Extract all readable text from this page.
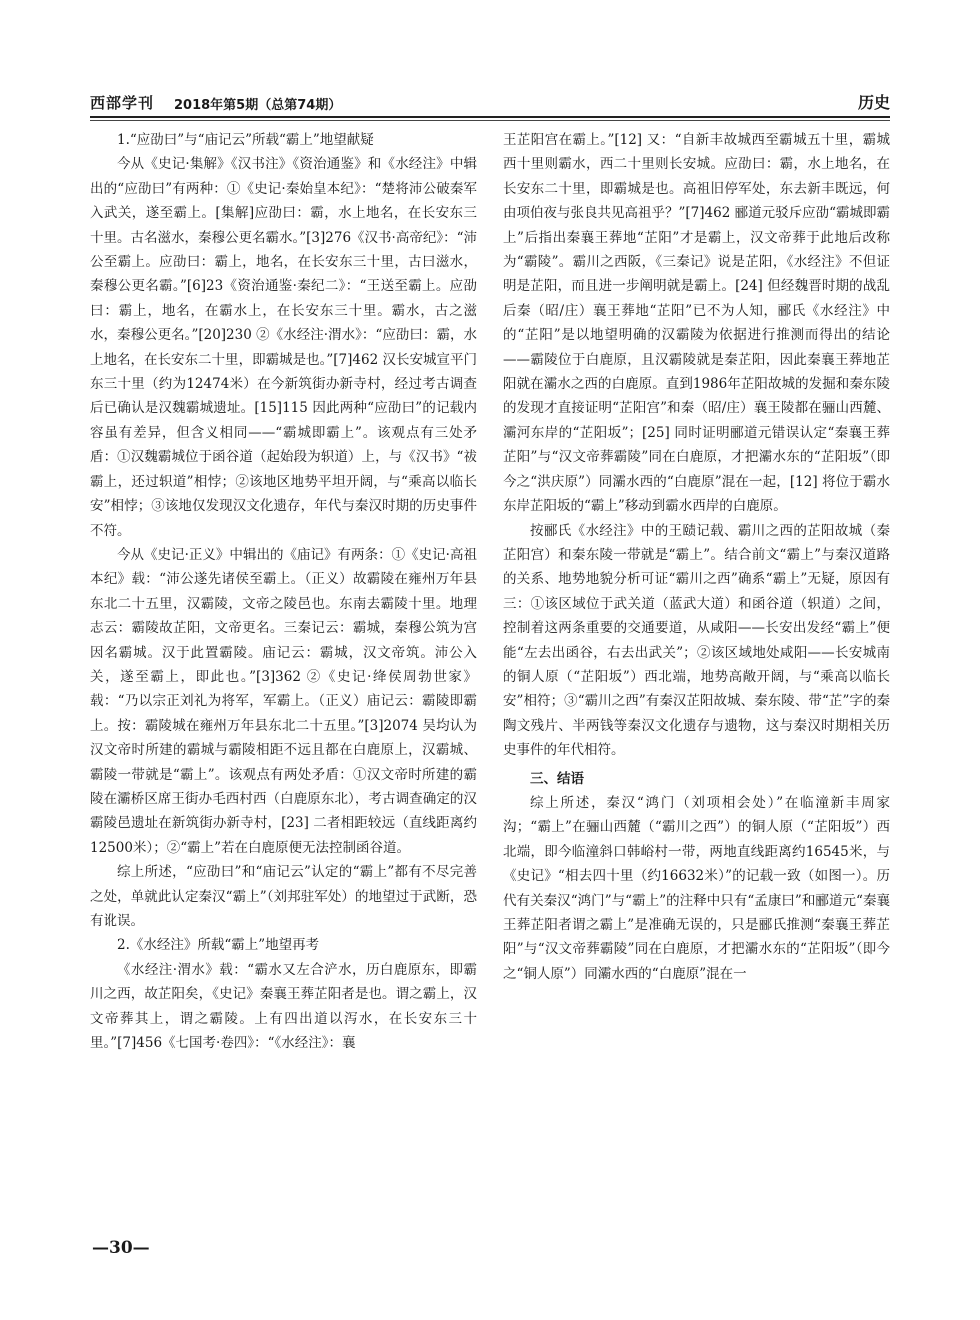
西部学刊 2018年第5期（总第74期）	历史
1.“应劭曰”与“庙记云”所载“霸上”地望献疑

今从《史记·集解》《汉书注》《资治通鉴》和《水经注》中辑出的“应劭曰”有两种：①《史记·秦始皇本纪》：“楚将沛公破秦军入武关，遂至霸上。[集解]应劭曰：霸，水上地名，在长安东三十里。古名滋水，秦穆公更名霸水。”[3]276《汉书·高帝纪》：“沛公至霸上。应劭曰：霸上，地名，在长安东三十里，古曰滋水，秦穆公更名霸。”[6]23《资治通鉴·秦纪二》：“王送至霸上。应劭曰：霸上，地名，在霸水上，在长安东三十里。霸水，古之滋水，秦穆公更名。”[20]230 ②《水经注·渭水》：“应劭曰：霸，水上地名，在长安东二十里，即霸城是也。”[7]462 汉长安城宣平门东三十里（约为12474米）在今新筑街办新寺村，经过考古调查后已确认是汉魏霸城遗址。[15]115 因此两种“应劭曰”的记载内容虽有差异，但含义相同——“霸城即霸上”。该观点有三处矛盾：①汉魏霸城位于函谷道（起始段为轵道）上，与《汉书》“祓霸上，还过轵道”相悖；②该地区地势平坦开阔，与“乘高以临长安”相悖；③该地仅发现汉文化遗存，年代与秦汉时期的历史事件不符。

今从《史记·正义》中辑出的《庙记》有两条：①《史记·高祖本纪》载：“沛公遂先诸侯至霸上。（正义）故霸陵在雍州万年县东北二十五里，汉霸陵，文帝之陵邑也。东南去霸陵十里。地理志云：霸陵故芷阳，文帝更名。三秦记云：霸城，秦穆公筑为宫因名霸城。汉于此置霸陵。庙记云：霸城，汉文帝筑。沛公入关，遂至霸上，即此也。”[3]362 ②《史记·绛侯周勃世家》载：“乃以宗正刘礼为将军，军霸上。（正义）庙记云：霸陵即霸上。按：霸陵城在雍州万年县东北二十五里。”[3]2074 吴均认为汉文帝时所建的霸城与霸陵相距不远且都在白鹿原上，汉霸城、霸陵一带就是“霸上”。该观点有两处矛盾：①汉文帝时所建的霸陵在灞桥区席王街办毛西村西（白鹿原东北），考古调查确定的汉霸陵邑遗址在新筑街办新寺村，[23] 二者相距较远（直线距离约12500米）；②“霸上”若在白鹿原便无法控制函谷道。

综上所述，“应劭曰”和“庙记云”认定的“霸上”都有不尽完善之处，单就此认定秦汉“霸上”（刘邦驻军处）的地望过于武断，恐有讹误。

2.《水经注》所载“霸上”地望再考

《水经注·渭水》载：“霸水又左合浐水，历白鹿原东，即霸川之西，故芷阳矣，《史记》秦襄王葬芷阳者是也。谓之霸上，汉文帝葬其上，谓之霸陵。上有四出道以泻水，在长安东三十里。”[7]456《七国考·卷四》：“《水经注》：襄

王芷阳宫在霸上。”[12] 又：“自新丰故城西至霸城五十里，霸城西十里则霸水，西二十里则长安城。应劭曰：霸，水上地名，在长安东二十里，即霸城是也。高祖旧停军处，东去新丰既远，何由项伯夜与张良共见高祖乎？”[7]462 郦道元驳斥应劭“霸城即霸上”后指出秦襄王葬地“芷阳”才是霸上，汉文帝葬于此地后改称为“霸陵”。霸川之西阪，《三秦记》说是芷阳，《水经注》不但证明是芷阳，而且进一步阐明就是霸上。[24] 但经魏晋时期的战乱后秦（昭/庄）襄王葬地“芷阳”已不为人知，郦氏《水经注》中的“芷阳”是以地望明确的汉霸陵为依据进行推测而得出的结论——霸陵位于白鹿原，且汉霸陵就是秦芷阳，因此秦襄王葬地芷阳就在灞水之西的白鹿原。直到1986年芷阳故城的发掘和秦东陵的发现才直接证明“芷阳宫”和秦（昭/庄）襄王陵都在骊山西麓、灞河东岸的“芷阳坂”；[25] 同时证明郦道元错误认定“秦襄王葬芷阳”与“汉文帝葬霸陵”同在白鹿原，才把灞水东的“芷阳坂”（即今之“洪庆原”）同灞水西的“白鹿原”混在一起，[12] 将位于霸水东岸芷阳坂的“霸上”移动到霸水西岸的白鹿原。

按郦氏《水经注》中的王赜记载、霸川之西的芷阳故城（秦芷阳宫）和秦东陵一带就是“霸上”。结合前文“霸上”与秦汉道路的关系、地势地貌分析可证“霸川之西”确系“霸上”无疑，原因有三：①该区域位于武关道（蓝武大道）和函谷道（轵道）之间，控制着这两条重要的交通要道，从咸阳——长安出发经“霸上”便能“左去出函谷，右去出武关”；②该区域地处咸阳——长安城南的铜人原（“芷阳坂”）西北端，地势高敞开阔，与“乘高以临长安”相符；③“霸川之西”有秦汉芷阳故城、秦东陵、带“芷”字的秦陶文残片、半两钱等秦汉文化遗存与遗物，这与秦汉时期相关历史事件的年代相符。

三、结语

综上所述，秦汉“鸿门（刘项相会处）”在临潼新丰周家沟；“霸上”在骊山西麓（“霸川之西”）的铜人原（“芷阳坂”）西北端，即今临潼斜口韩峪村一带，两地直线距离约16545米，与《史记》“相去四十里（约16632米）”的记载一致（如图一）。历代有关秦汉“鸿门”与“霸上”的注释中只有“孟康曰”和郦道元“秦襄王葬芷阳者谓之霸上”是准确无误的，只是郦氏推测“秦襄王葬芷阳”与“汉文帝葬霸陵”同在白鹿原，才把灞水东的“芷阳坂”（即今之“铜人原”）同灞水西的“白鹿原”混在一

—30—
